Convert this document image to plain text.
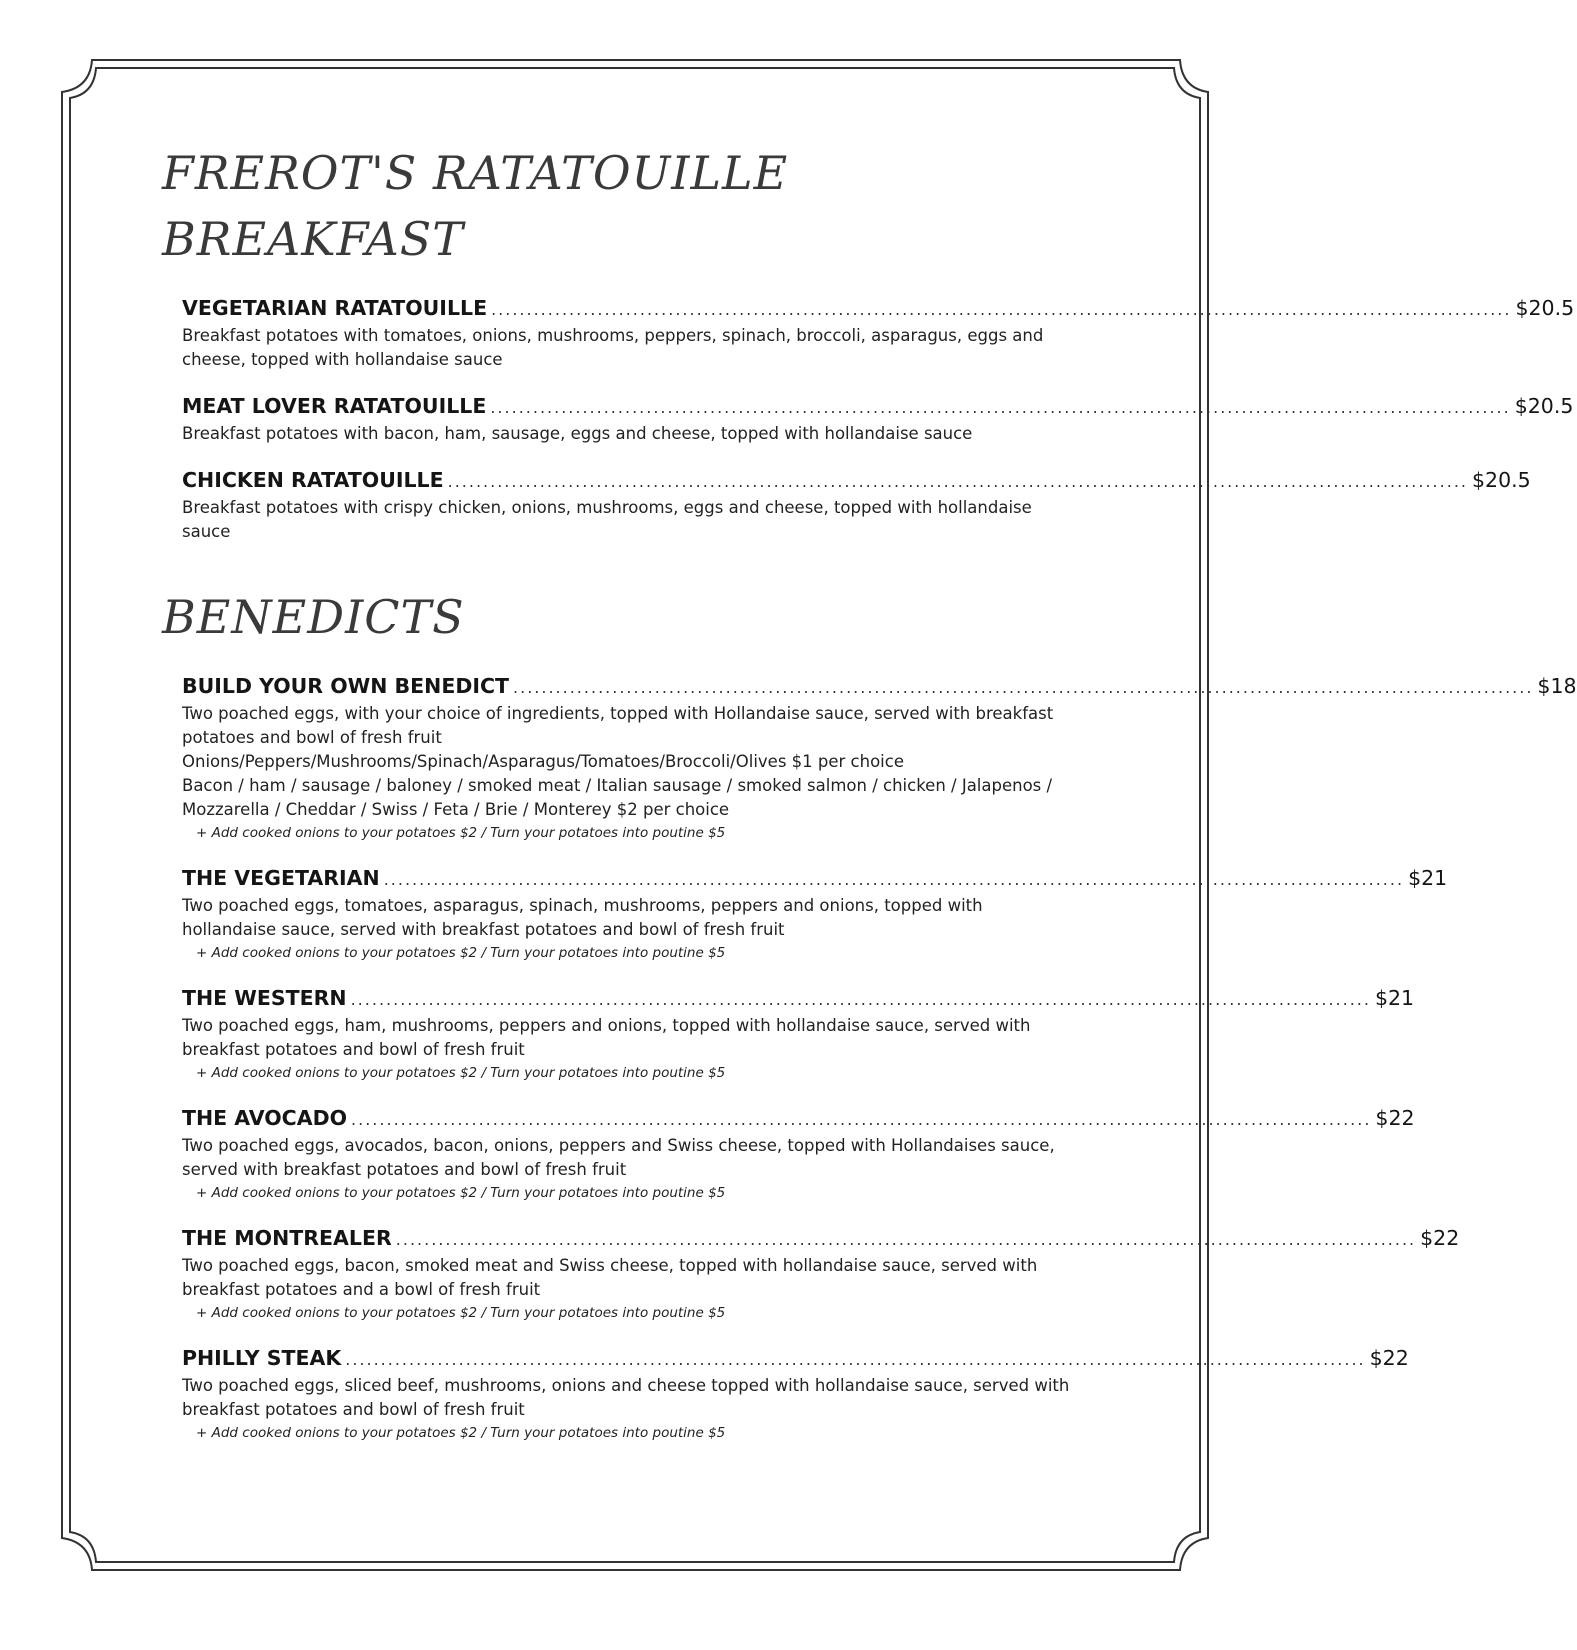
FREROT'S RATATOUILLE BREAKFAST
VEGETARIAN RATATOUILLE ................................................................................................................................................ $20.5

Breakfast potatoes with tomatoes, onions, mushrooms, peppers, spinach, broccoli, asparagus, eggs and cheese, topped with hollandaise sauce

MEAT LOVER RATATOUILLE ................................................................................................................................................ $20.5

Breakfast potatoes with bacon, ham, sausage, eggs and cheese, topped with hollandaise sauce

CHICKEN RATATOUILLE ................................................................................................................................................ $20.5

Breakfast potatoes with crispy chicken, onions, mushrooms, eggs and cheese, topped with hollandaise sauce

BENEDICTS
BUILD YOUR OWN BENEDICT ................................................................................................................................................ $18

Two poached eggs, with your choice of ingredients, topped with Hollandaise sauce, served with breakfast potatoes and bowl of fresh fruit

Onions/Peppers/Mushrooms/Spinach/Asparagus/Tomatoes/Broccoli/Olives $1 per choice

Bacon / ham / sausage / baloney / smoked meat / Italian sausage / smoked salmon / chicken / Jalapenos / Mozzarella / Cheddar / Swiss / Feta / Brie / Monterey $2 per choice

+ Add cooked onions to your potatoes $2 / Turn your potatoes into poutine $5

THE VEGETARIAN ................................................................................................................................................ $21

Two poached eggs, tomatoes, asparagus, spinach, mushrooms, peppers and onions, topped with hollandaise sauce, served with breakfast potatoes and bowl of fresh fruit

+ Add cooked onions to your potatoes $2 / Turn your potatoes into poutine $5

THE WESTERN ................................................................................................................................................ $21

Two poached eggs, ham, mushrooms, peppers and onions, topped with hollandaise sauce, served with breakfast potatoes and bowl of fresh fruit

+ Add cooked onions to your potatoes $2 / Turn your potatoes into poutine $5

THE AVOCADO ................................................................................................................................................ $22

Two poached eggs, avocados, bacon, onions, peppers and Swiss cheese, topped with Hollandaises sauce, served with breakfast potatoes and bowl of fresh fruit

+ Add cooked onions to your potatoes $2 / Turn your potatoes into poutine $5

THE MONTREALER ................................................................................................................................................ $22

Two poached eggs, bacon, smoked meat and Swiss cheese, topped with hollandaise sauce, served with breakfast potatoes and a bowl of fresh fruit

+ Add cooked onions to your potatoes $2 / Turn your potatoes into poutine $5

PHILLY STEAK ................................................................................................................................................ $22

Two poached eggs, sliced beef, mushrooms, onions and cheese topped with hollandaise sauce, served with breakfast potatoes and bowl of fresh fruit

+ Add cooked onions to your potatoes $2 / Turn your potatoes into poutine $5
